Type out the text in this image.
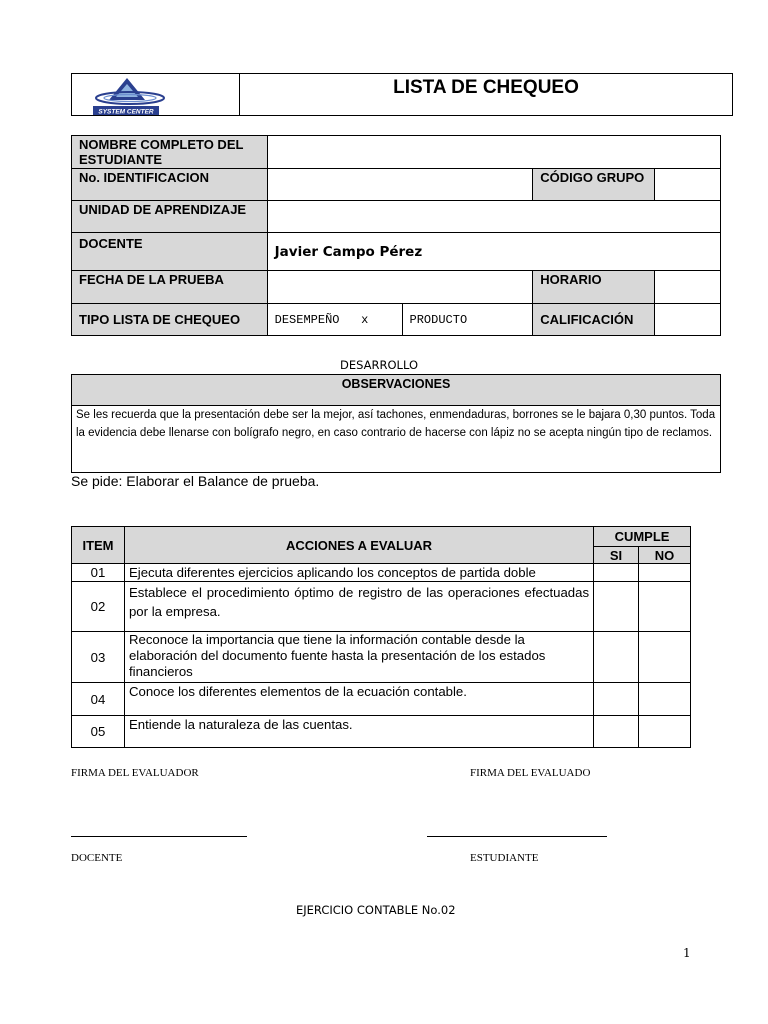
SYSTEM CENTER
LISTA DE CHEQUEO
NOMBRE COMPLETO DEL ESTUDIANTE				
No. IDENTIFICACION			CÓDIGO GRUPO	
UNIDAD DE APRENDIZAJE				
DOCENTE	Javier Campo Pérez			
FECHA DE LA PRUEBA			HORARIO	
TIPO LISTA DE CHEQUEO	DESEMPEÑO   x	PRODUCTO	CALIFICACIÓN	
DESARROLLO
OBSERVACIONES
Se les recuerda que la presentación debe ser la mejor, así tachones, enmendaduras, borrones se le bajara 0,30 puntos. Toda la evidencia debe llenarse con bolígrafo negro, en caso contrario de hacerse con lápiz no se acepta ningún tipo de reclamos.
Se pide: Elaborar el Balance de prueba.
ITEM	ACCIONES A EVALUAR	CUMPLE	
		SI	NO
01	Ejecuta diferentes ejercicios aplicando los conceptos de partida doble		
02	Establece el procedimiento óptimo de registro de las operaciones efectuadas por la empresa.		
03	Reconoce la importancia que tiene la información contable desde la elaboración del documento fuente hasta la presentación de los estados financieros		
04	Conoce los diferentes elementos de la ecuación contable.		
05	Entiende la naturaleza de las cuentas.		
FIRMA DEL EVALUADOR	FIRMA DEL EVALUADO
DOCENTE	ESTUDIANTE
EJERCICIO CONTABLE No.02
1
